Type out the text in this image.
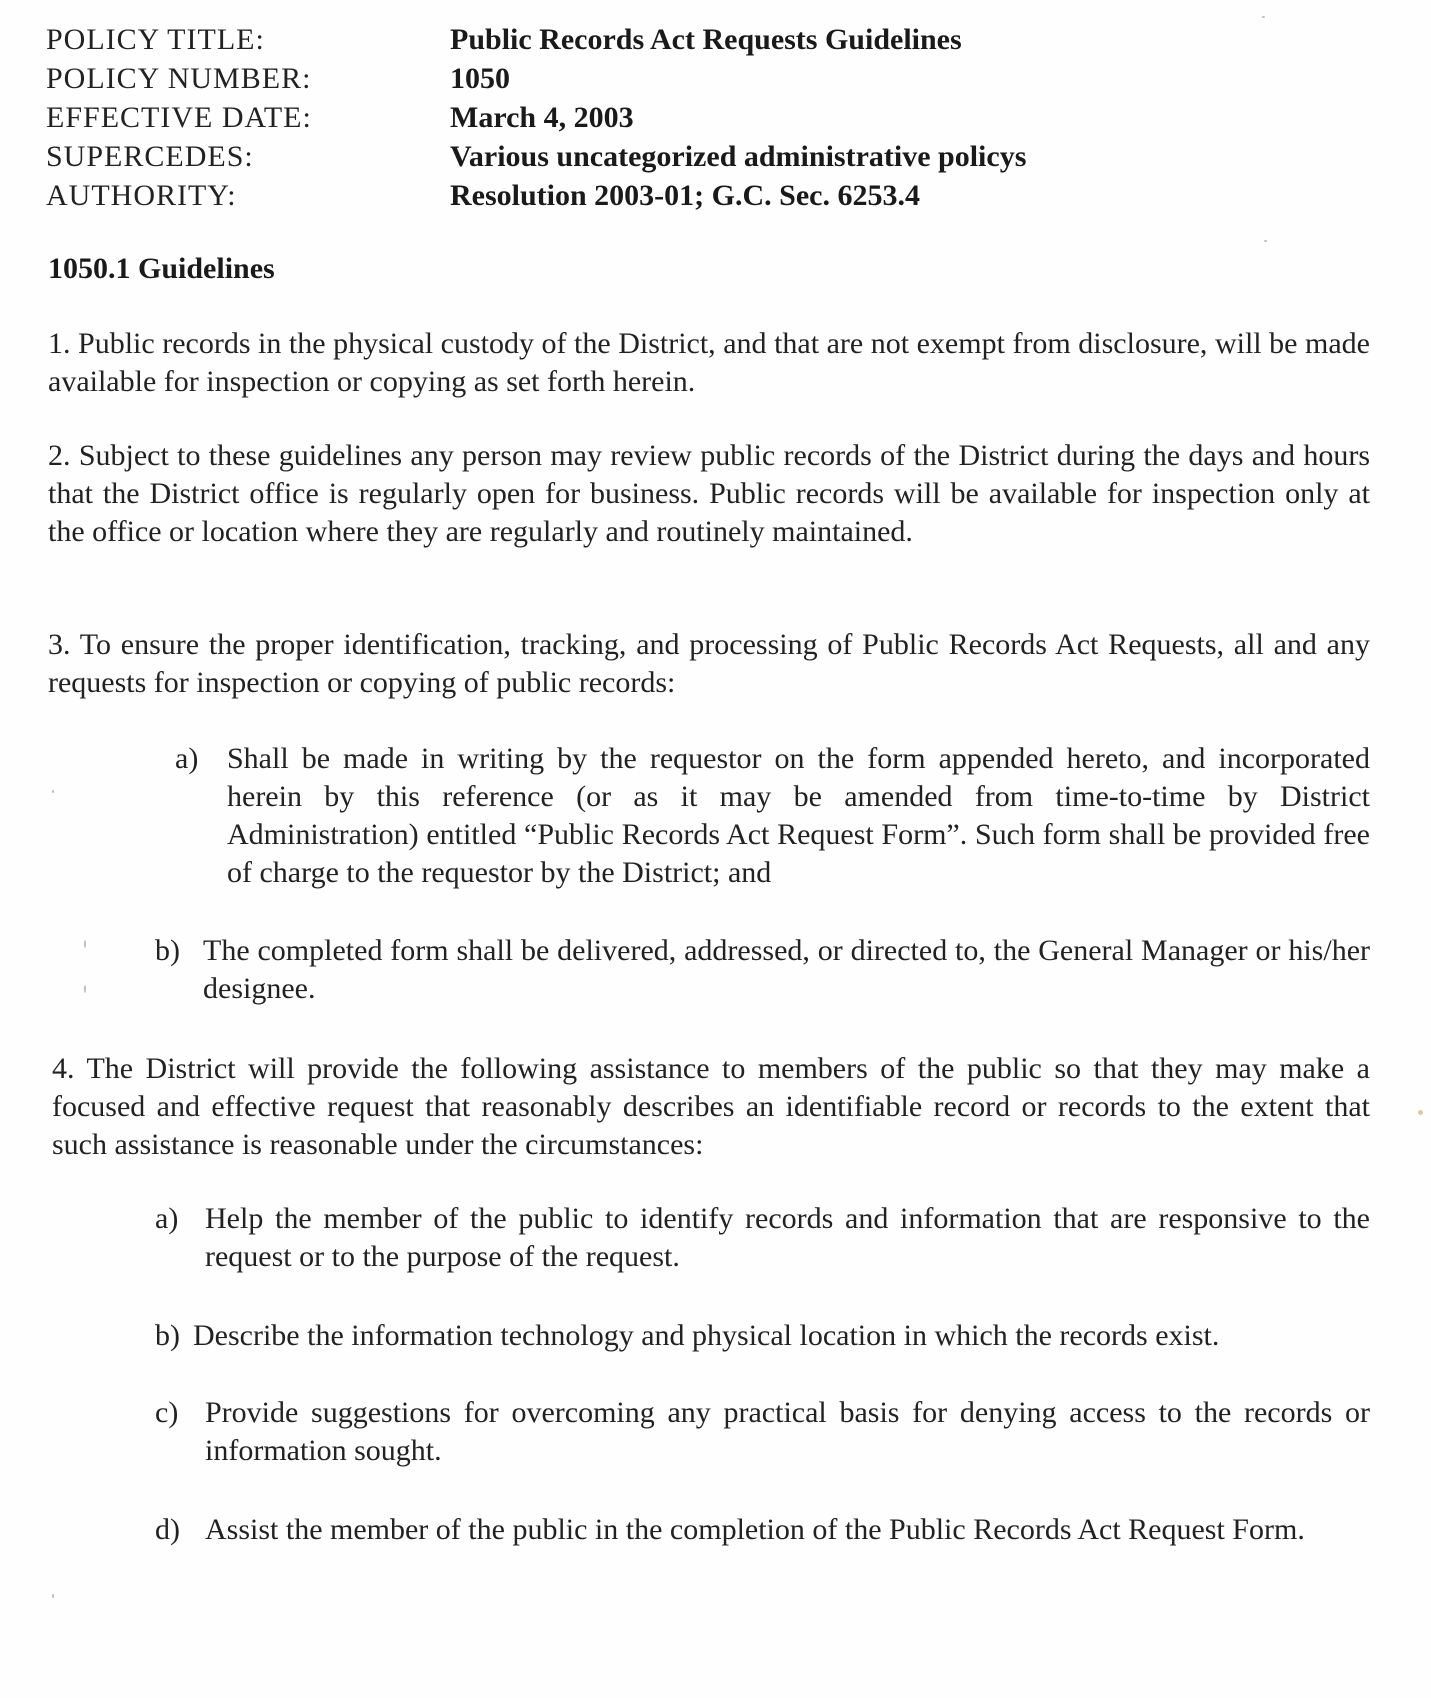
POLICY TITLE:	Public Records Act Requests Guidelines
POLICY NUMBER:	1050
EFFECTIVE DATE:	March 4, 2003
SUPERCEDES:	Various uncategorized administrative policys
AUTHORITY:	Resolution 2003-01; G.C. Sec. 6253.4
1050.1 Guidelines
1. Public records in the physical custody of the District, and that are not exempt from disclosure, will be made available for inspection or copying as set forth herein.
2. Subject to these guidelines any person may review public records of the District during the days and hours that the District office is regularly open for business. Public records will be available for inspection only at the office or location where they are regularly and routinely maintained.
3. To ensure the proper identification, tracking, and processing of Public Records Act Requests, all and any requests for inspection or copying of public records:
a) Shall be made in writing by the requestor on the form appended hereto, and incorporated herein by this reference (or as it may be amended from time-to-time by District Administration) entitled “Public Records Act Request Form”. Such form shall be provided free of charge to the requestor by the District; and
b) The completed form shall be delivered, addressed, or directed to, the General Manager or his/her designee.
4. The District will provide the following assistance to members of the public so that they may make a focused and effective request that reasonably describes an identifiable record or records to the extent that such assistance is reasonable under the circumstances:
a) Help the member of the public to identify records and information that are responsive to the request or to the purpose of the request.
b) Describe the information technology and physical location in which the records exist.
c) Provide suggestions for overcoming any practical basis for denying access to the records or information sought.
d) Assist the member of the public in the completion of the Public Records Act Request Form.
